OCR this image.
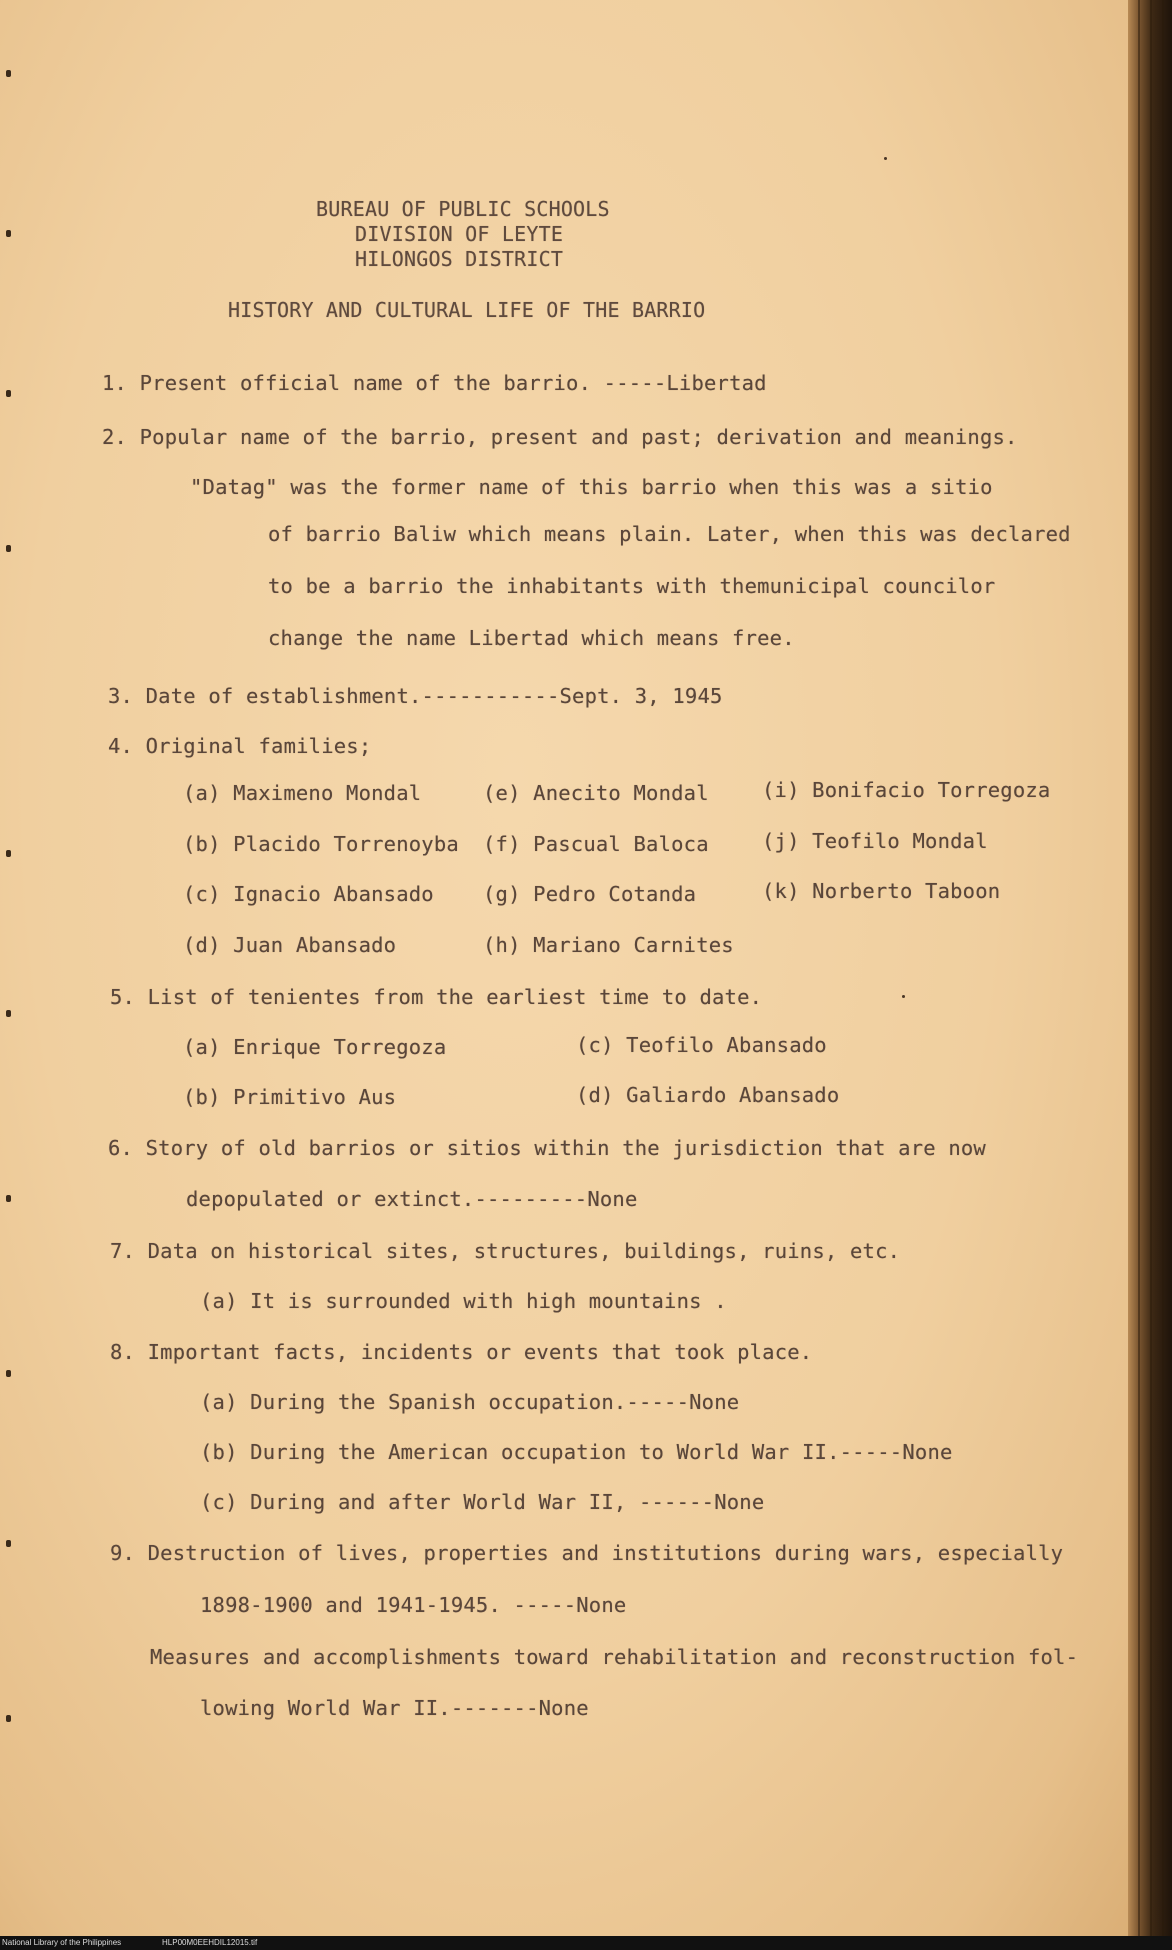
BUREAU OF PUBLIC SCHOOLS
DIVISION OF LEYTE
HILONGOS DISTRICT
HISTORY AND CULTURAL LIFE OF THE BARRIO
1. Present official name of the barrio. -----Libertad
2. Popular name of the barrio, present and past; derivation and meanings.
"Datag" was the former name of this barrio when this was a sitio
of barrio Baliw which means plain. Later, when this was declared
to be a barrio the inhabitants with themunicipal councilor
change the name Libertad which means free.
3. Date of establishment.-----------Sept. 3, 1945
4. Original families;
(a) Maximeno Mondal
(b) Placido Torrenoyba
(c) Ignacio Abansado
(d) Juan Abansado
(e) Anecito Mondal
(f) Pascual Baloca
(g) Pedro Cotanda
(h) Mariano Carnites
(i) Bonifacio Torregoza
(j) Teofilo Mondal
(k) Norberto Taboon
5. List of tenientes from the earliest time to date.
(a) Enrique Torregoza
(b) Primitivo Aus
(c) Teofilo Abansado
(d) Galiardo Abansado
6. Story of old barrios or sitios within the jurisdiction that are now
depopulated or extinct.---------None
7. Data on historical sites, structures, buildings, ruins, etc.
(a) It is surrounded with high mountains .
8. Important facts, incidents or events that took place.
(a) During the Spanish occupation.-----None
(b) During the American occupation to World War II.-----None
(c) During and after World War II, ------None
9. Destruction of lives, properties and institutions during wars, especially
1898-1900 and 1941-1945. -----None
Measures and accomplishments toward rehabilitation and reconstruction fol-
lowing World War II.-------None
National Library of the Philippines	HLP00M0EEHDIL12015.tif
